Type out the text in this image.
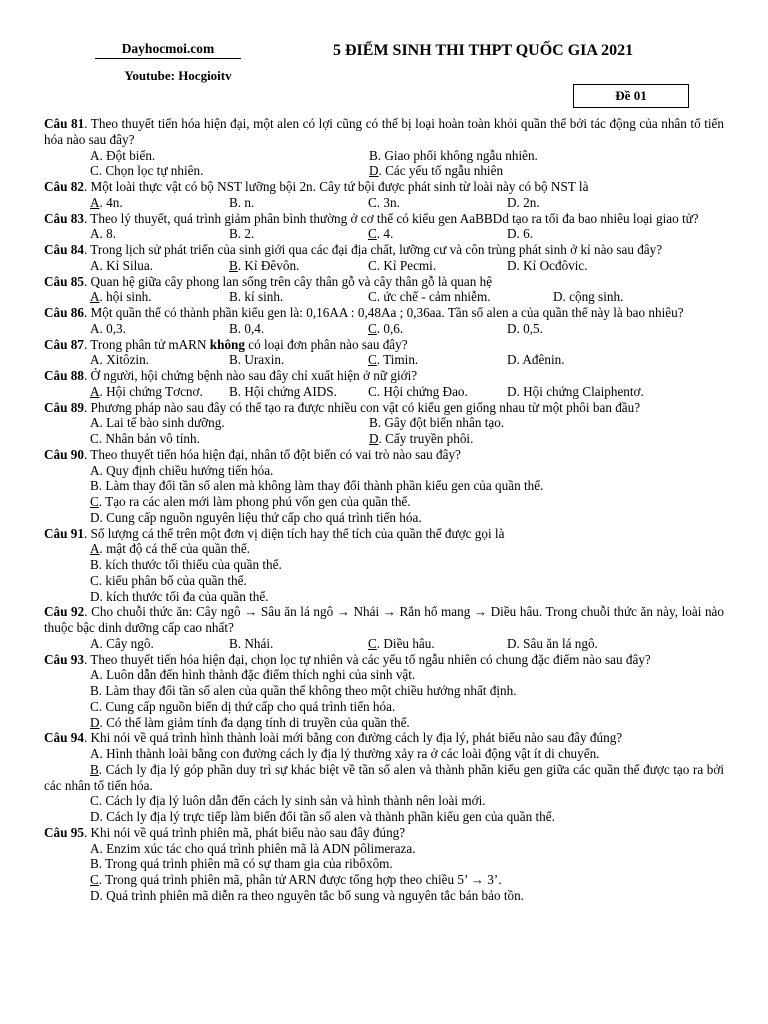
Dayhocmoi.com
Youtube: Hocgioitv
5 ĐIỂM SINH THI THPT QUỐC GIA 2021
Đề 01
Câu 81. Theo thuyết tiến hóa hiện đại, một alen có lợi cũng có thể bị loại hoàn toàn khỏi quần thể bởi tác động của nhân tố tiến hóa nào sau đây?
A. Đột biến.	B. Giao phối không ngẫu nhiên.
C. Chọn lọc tự nhiên.	D. Các yếu tố ngẫu nhiên
Câu 82. Một loài thực vật có bộ NST lưỡng bội 2n. Cây tứ bội được phát sinh từ loài này có bộ NST là
A. 4n.	B. n.	C. 3n.	D. 2n.
Câu 83. Theo lý thuyết, quá trình giảm phân bình thường ở cơ thể có kiểu gen AaBBDd tạo ra tối đa bao nhiêu loại giao tử?
A. 8.	B. 2.	C. 4.	D. 6.
Câu 84. Trong lịch sử phát triển của sinh giới qua các đại địa chất, lưỡng cư và côn trùng phát sinh ở kỉ nào sau đây?
A. Kỉ Silua.	B. Kỉ Đêvôn.	C. Kỉ Pecmi.	D. Kỉ Ocđôvic.
Câu 85. Quan hệ giữa cây phong lan sống trên cây thân gỗ và cây thân gỗ là quan hệ
A. hội sinh.	B. kí sinh.	C. ức chế - cảm nhiễm.	D. cộng sinh.
Câu 86. Một quần thể có thành phần kiểu gen là: 0,16AA : 0,48Aa ; 0,36aa. Tần số alen a của quần thể này là bao nhiêu?
A. 0,3.	B. 0,4.	C. 0,6.	D. 0,5.
Câu 87. Trong phân tử mARN không có loại đơn phân nào sau đây?
A. Xitôzin.	B. Uraxin.	C. Timin.	D. Ađênin.
Câu 88. Ở người, hội chứng bệnh nào sau đây chỉ xuất hiện ở nữ giới?
A. Hội chứng Tơcnơ.	B. Hội chứng AIDS.	C. Hội chứng Đao.	D. Hội chứng Claiphentơ.
Câu 89. Phương pháp nào sau đây có thể tạo ra được nhiều con vật có kiểu gen giống nhau từ một phôi ban đầu?
A. Lai tế bào sinh dưỡng.	B. Gây đột biến nhân tạo.
C. Nhân bản vô tính.	D. Cấy truyền phôi.
Câu 90. Theo thuyết tiến hóa hiện đại, nhân tố đột biến có vai trò nào sau đây?
A. Quy định chiều hướng tiến hóa.
B. Làm thay đổi tần số alen mà không làm thay đổi thành phần kiểu gen của quần thể.
C. Tạo ra các alen mới làm phong phú vốn gen của quần thể.
D. Cung cấp nguồn nguyên liệu thứ cấp cho quá trình tiến hóa.
Câu 91. Số lượng cá thể trên một đơn vị diện tích hay thể tích của quần thể được gọi là
A. mật độ cá thể của quần thể.
B. kích thước tối thiểu của quần thể.
C. kiểu phân bố của quần thể.
D. kích thước tối đa của quần thể.
Câu 92. Cho chuỗi thức ăn: Cây ngô → Sâu ăn lá ngô → Nhái → Rắn hổ mang → Diều hâu. Trong chuỗi thức ăn này, loài nào thuộc bậc dinh dưỡng cấp cao nhất?
A. Cây ngô.	B. Nhái.	C. Diều hâu.	D. Sâu ăn lá ngô.
Câu 93. Theo thuyết tiến hóa hiện đại, chọn lọc tự nhiên và các yếu tố ngẫu nhiên có chung đặc điểm nào sau đây?
A. Luôn dẫn đến hình thành đặc điểm thích nghi của sinh vật.
B. Làm thay đổi tần số alen của quần thể không theo một chiều hướng nhất định.
C. Cung cấp nguồn biến dị thứ cấp cho quá trình tiến hóa.
D. Có thể làm giảm tính đa dạng tính di truyền của quần thể.
Câu 94. Khi nói về quá trình hình thành loài mới bằng con đường cách ly địa lý, phát biểu nào sau đây đúng?
A. Hình thành loài bằng con đường cách ly địa lý thường xảy ra ở các loài động vật ít di chuyển.
B. Cách ly địa lý góp phần duy trì sự khác biệt về tần số alen và thành phần kiểu gen giữa các quần thể được tạo ra bởi các nhân tố tiến hóa.
C. Cách ly địa lý luôn dẫn đến cách ly sinh sản và hình thành nên loài mới.
D. Cách ly địa lý trực tiếp làm biến đổi tần số alen và thành phần kiểu gen của quần thể.
Câu 95. Khi nói về quá trình phiên mã, phát biểu nào sau đây đúng?
A. Enzim xúc tác cho quá trình phiên mã là ADN pôlimeraza.
B. Trong quá trình phiên mã có sự tham gia của ribôxôm.
C. Trong quá trình phiên mã, phân tử ARN được tổng hợp theo chiều 5’ → 3’.
D. Quá trình phiên mã diễn ra theo nguyên tắc bổ sung và nguyên tắc bán bảo tồn.
